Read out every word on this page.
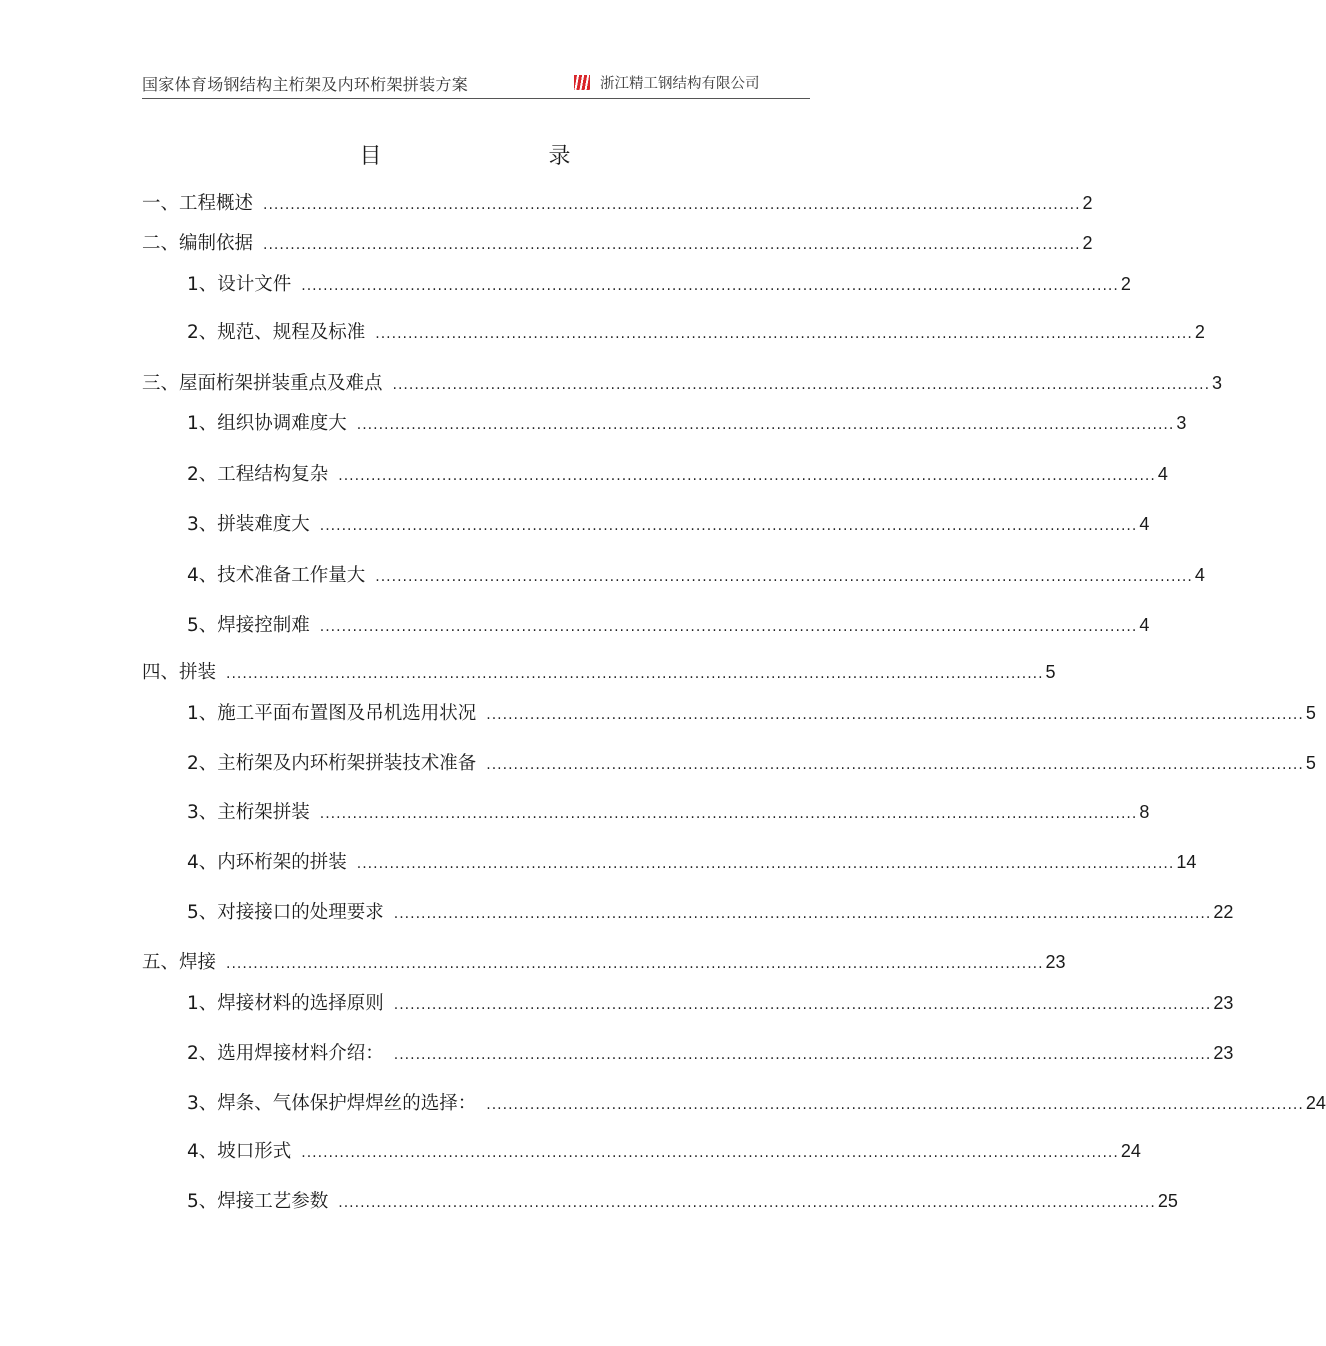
国家体育场钢结构主桁架及内环桁架拼装方案	浙江精工钢结构有限公司
目 录
一、工程概述 ...................................................................................................................................................... 2
二、编制依据 ...................................................................................................................................................... 2
1、设计文件 ...................................................................................................................................................... 2
2、规范、规程及标准 ...................................................................................................................................................... 2
三、屋面桁架拼装重点及难点 ...................................................................................................................................................... 3
1、组织协调难度大 ...................................................................................................................................................... 3
2、工程结构复杂 ...................................................................................................................................................... 4
3、拼装难度大 ...................................................................................................................................................... 4
4、技术准备工作量大 ...................................................................................................................................................... 4
5、焊接控制难 ...................................................................................................................................................... 4
四、拼装 ...................................................................................................................................................... 5
1、施工平面布置图及吊机选用状况 ...................................................................................................................................................... 5
2、主桁架及内环桁架拼装技术准备 ...................................................................................................................................................... 5
3、主桁架拼装 ...................................................................................................................................................... 8
4、内环桁架的拼装 ...................................................................................................................................................... 14
5、对接接口的处理要求 ...................................................................................................................................................... 22
五、焊接 ...................................................................................................................................................... 23
1、焊接材料的选择原则 ...................................................................................................................................................... 23
2、选用焊接材料介绍： ...................................................................................................................................................... 23
3、焊条、气体保护焊焊丝的选择： ...................................................................................................................................................... 24
4、坡口形式 ...................................................................................................................................................... 24
5、焊接工艺参数 ...................................................................................................................................................... 25
